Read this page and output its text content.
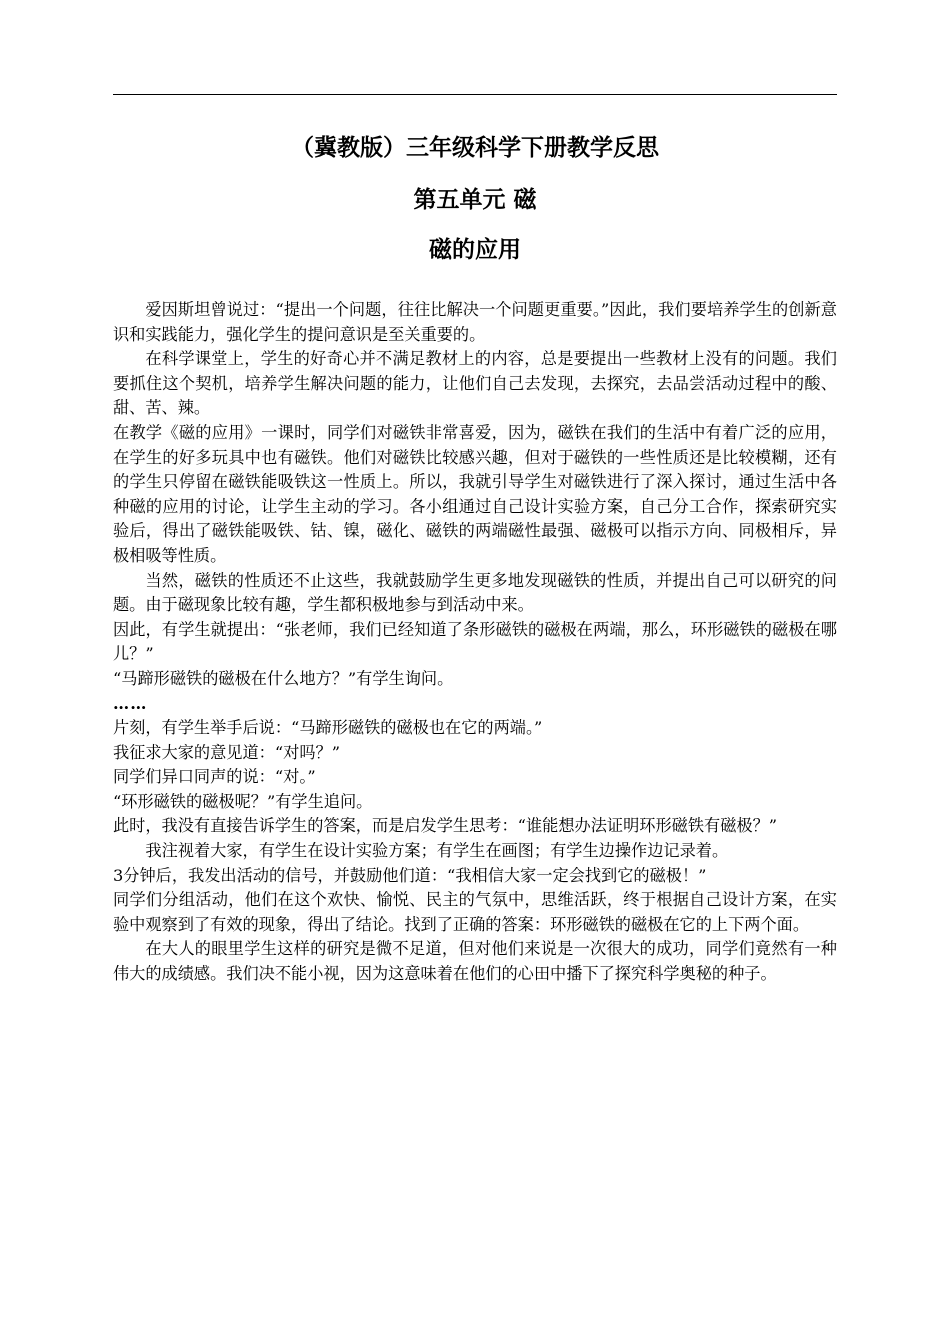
（冀教版）三年级科学下册教学反思
第五单元 磁
磁的应用

爱因斯坦曾说过：“提出一个问题，往往比解决一个问题更重要。”因此，我们要培养学生的创新意识和实践能力，强化学生的提问意识是至关重要的。

在科学课堂上，学生的好奇心并不满足教材上的内容，总是要提出一些教材上没有的问题。我们要抓住这个契机，培养学生解决问题的能力，让他们自己去发现，去探究，去品尝活动过程中的酸、甜、苦、辣。

在教学《磁的应用》一课时，同学们对磁铁非常喜爱，因为，磁铁在我们的生活中有着广泛的应用，在学生的好多玩具中也有磁铁。他们对磁铁比较感兴趣，但对于磁铁的一些性质还是比较模糊，还有的学生只停留在磁铁能吸铁这一性质上。所以，我就引导学生对磁铁进行了深入探讨，通过生活中各种磁的应用的讨论，让学生主动的学习。各小组通过自己设计实验方案，自己分工合作，探索研究实验后，得出了磁铁能吸铁、钴、镍，磁化、磁铁的两端磁性最强、磁极可以指示方向、同极相斥，异极相吸等性质。

当然，磁铁的性质还不止这些，我就鼓励学生更多地发现磁铁的性质，并提出自己可以研究的问题。由于磁现象比较有趣，学生都积极地参与到活动中来。

因此，有学生就提出：“张老师，我们已经知道了条形磁铁的磁极在两端，那么，环形磁铁的磁极在哪儿？”

“马蹄形磁铁的磁极在什么地方？”有学生询问。

……

片刻，有学生举手后说：“马蹄形磁铁的磁极也在它的两端。”

我征求大家的意见道：“对吗？”

同学们异口同声的说：“对。”

“环形磁铁的磁极呢？”有学生追问。

此时，我没有直接告诉学生的答案，而是启发学生思考：“谁能想办法证明环形磁铁有磁极？”

我注视着大家，有学生在设计实验方案；有学生在画图；有学生边操作边记录着。

3分钟后，我发出活动的信号，并鼓励他们道：“我相信大家一定会找到它的磁极！”

同学们分组活动，他们在这个欢快、愉悦、民主的气氛中，思维活跃，终于根据自己设计方案，在实验中观察到了有效的现象，得出了结论。找到了正确的答案：环形磁铁的磁极在它的上下两个面。

在大人的眼里学生这样的研究是微不足道，但对他们来说是一次很大的成功，同学们竟然有一种伟大的成绩感。我们决不能小视，因为这意味着在他们的心田中播下了探究科学奥秘的种子。
